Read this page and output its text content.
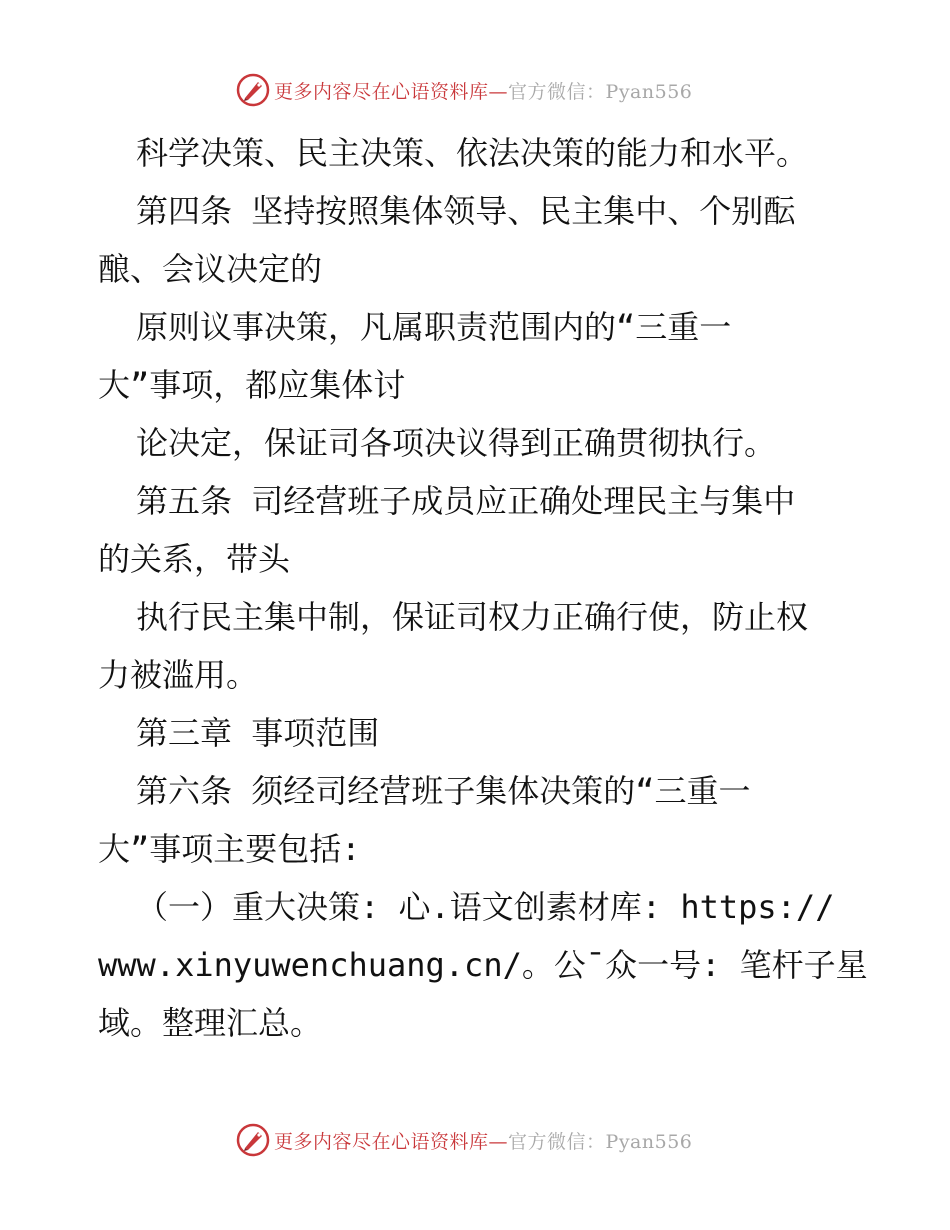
更多内容尽在心语资料库—官方微信：Pyan556
科学决策、民主决策、依法决策的能力和水平。
第四条 坚持按照集体领导、民主集中、个别酝
酿、会议决定的
原则议事决策，凡属职责范围内的“三重一
大”事项，都应集体讨
论决定，保证司各项决议得到正确贯彻执行。
第五条 司经营班子成员应正确处理民主与集中
的关系，带头
执行民主集中制，保证司权力正确行使，防止权
力被滥用。
第三章 事项范围
第六条 须经司经营班子集体决策的“三重一
大”事项主要包括:
（一）重大决策: 心.语文创素材库: https://
www.xinyuwenchuang.cn/。公¯众一号: 笔杆子星
域。整理汇总。
更多内容尽在心语资料库—官方微信：Pyan556
